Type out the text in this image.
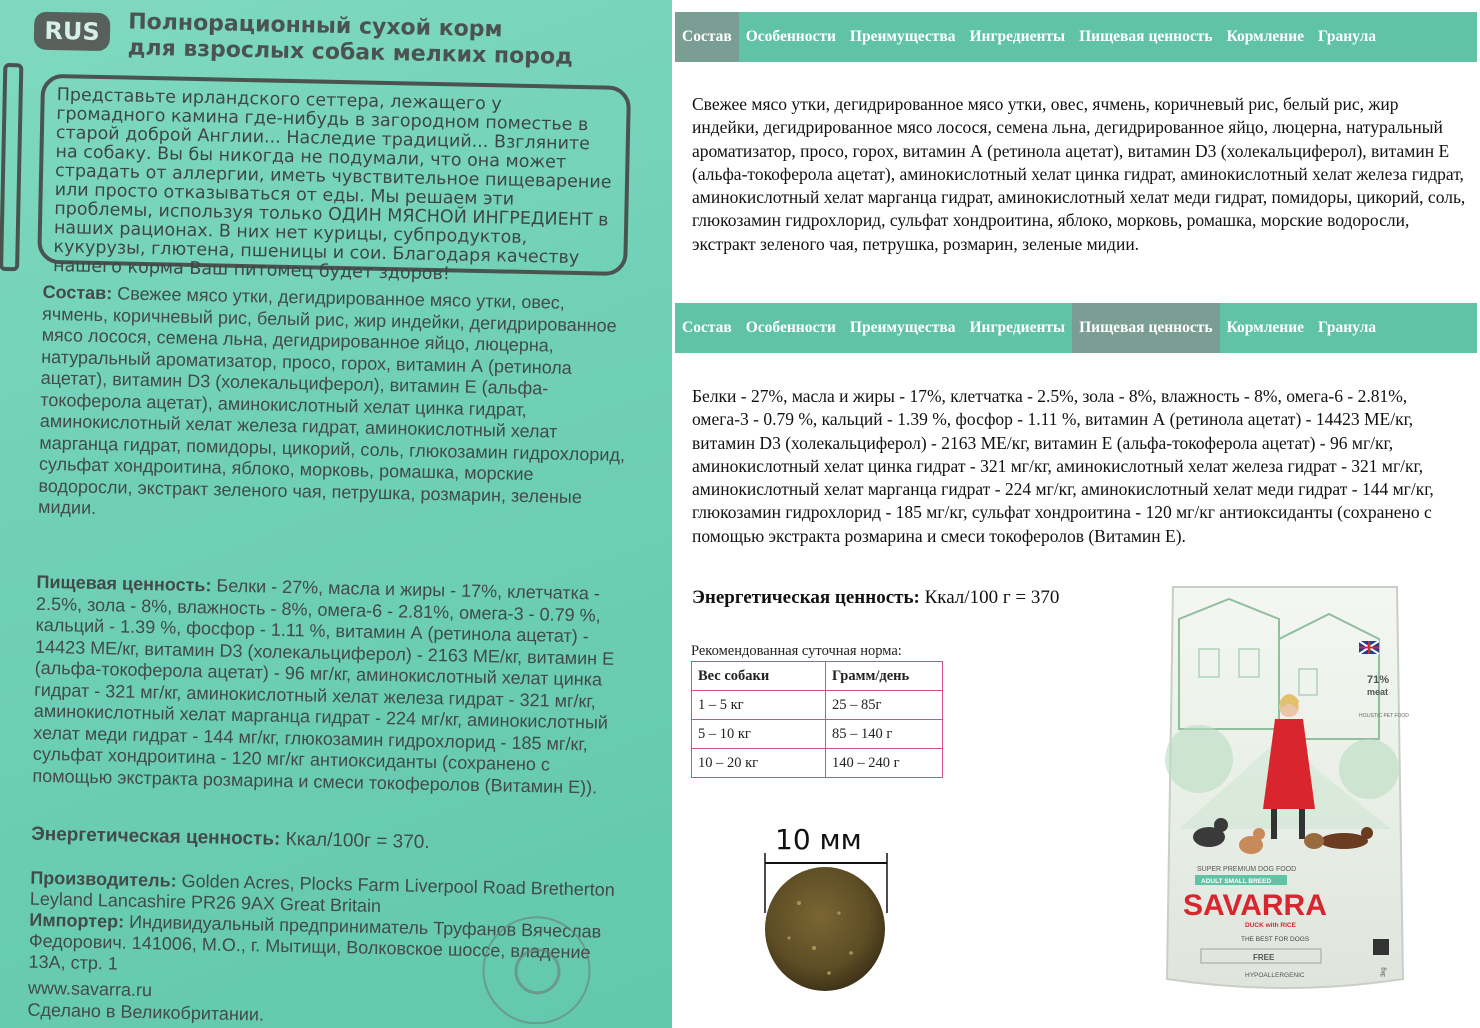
RUS	Полнорационный сухой корм
для взрослых собак мелких пород
Представьте ирландского сеттера, лежащего у громадного камина где-нибудь в загородном поместье в старой доброй Англии... Наследие традиций... Взгляните на собаку. Вы бы никогда не подумали, что она может страдать от аллергии, иметь чувствительное пищеварение или просто отказываться от еды. Мы решаем эти проблемы, используя только ОДИН МЯСНОЙ ИНГРЕДИЕНТ в наших рационах. В них нет курицы, субпродуктов, кукурузы, глютена, пшеницы и сои. Благодаря качеству нашего корма Ваш питомец будет здоров!
Состав: Свежее мясо утки, дегидрированное мясо утки, овес, ячмень, коричневый рис, белый рис, жир индейки, дегидрированное мясо лосося, семена льна, дегидрированное яйцо, люцерна, натуральный ароматизатор, просо, горох, витамин А (ретинола ацетат), витамин D3 (холекальциферол), витамин Е (альфа-токоферола ацетат), аминокислотный хелат цинка гидрат, аминокислотный хелат железа гидрат, аминокислотный хелат марганца гидрат, помидоры, цикорий, соль, глюкозамин гидрохлорид, сульфат хондроитина, яблоко, морковь, ромашка, морские водоросли, экстракт зеленого чая, петрушка, розмарин, зеленые мидии.
Пищевая ценность: Белки - 27%, масла и жиры - 17%, клетчатка - 2.5%, зола - 8%, влажность - 8%, омега-6 - 2.81%, омега-3 - 0.79 %, кальций - 1.39 %, фосфор - 1.11 %, витамин А (ретинола ацетат) - 14423 МЕ/кг, витамин D3 (холекальциферол) - 2163 МЕ/кг, витамин Е (альфа-токоферола ацетат) - 96 мг/кг, аминокислотный хелат цинка гидрат - 321 мг/кг, аминокислотный хелат железа гидрат - 321 мг/кг, аминокислотный хелат марганца гидрат - 224 мг/кг, аминокислотный хелат меди гидрат - 144 мг/кг, глюкозамин гидрохлорид - 185 мг/кг, сульфат хондроитина - 120 мг/кг антиоксиданты (сохранено с помощью экстракта розмарина и смеси токоферолов (Витамин Е)).
Энергетическая ценность: Ккал/100г = 370.
Производитель: Golden Acres, Plocks Farm Liverpool Road Bretherton Leyland Lancashire PR26 9AX Great Britain
Импортер: Индивидуальный предприниматель Труфанов Вячеслав Федорович. 141006, М.О., г. Мытищи, Волковское шоссе, владение 13А, стр. 1
www.savarra.ru
Сделано в Великобритании.
Состав Особенности Преимущества Ингредиенты Пищевая ценность Кормление Гранула
Свежее мясо утки, дегидрированное мясо утки, овес, ячмень, коричневый рис, белый рис, жир индейки, дегидрированное мясо лосося, семена льна, дегидрированное яйцо, люцерна, натуральный ароматизатор, просо, горох, витамин А (ретинола ацетат), витамин D3 (холекальциферол), витамин Е (альфа-токоферола ацетат), аминокислотный хелат цинка гидрат, аминокислотный хелат железа гидрат, аминокислотный хелат марганца гидрат, аминокислотный хелат меди гидрат, помидоры, цикорий, соль, глюкозамин гидрохлорид, сульфат хондроитина, яблоко, морковь, ромашка, морские водоросли, экстракт зеленого чая, петрушка, розмарин, зеленые мидии.
Состав Особенности Преимущества Ингредиенты Пищевая ценность Кормление Гранула
Белки - 27%, масла и жиры - 17%, клетчатка - 2.5%, зола - 8%, влажность - 8%, омега-6 - 2.81%, омега-3 - 0.79 %, кальций - 1.39 %, фосфор - 1.11 %, витамин А (ретинола ацетат) - 14423 МЕ/кг, витамин D3 (холекальциферол) - 2163 МЕ/кг, витамин Е (альфа-токоферола ацетат) - 96 мг/кг, аминокислотный хелат цинка гидрат - 321 мг/кг, аминокислотный хелат железа гидрат - 321 мг/кг, аминокислотный хелат марганца гидрат - 224 мг/кг, аминокислотный хелат меди гидрат - 144 мг/кг, глюкозамин гидрохлорид - 185 мг/кг, сульфат хондроитина - 120 мг/кг антиоксиданты (сохранено с помощью экстракта розмарина и смеси токоферолов (Витамин Е).
Энергетическая ценность: Ккал/100 г = 370
Рекомендованная суточная норма:
Вес собаки	Грамм/день
1 – 5 кг	25 – 85г
5 – 10 кг	85 – 140 г
10 – 20 кг	140 – 240 г
10 мм
71%
meat
HOLISTIC PET FOOD
SUPER PREMIUM DOG FOOD
ADULT SMALL BREED
SAVARRA
DUCK with RICE
THE BEST FOR DOGS
FREE
HYPOALLERGENIC	3kg
